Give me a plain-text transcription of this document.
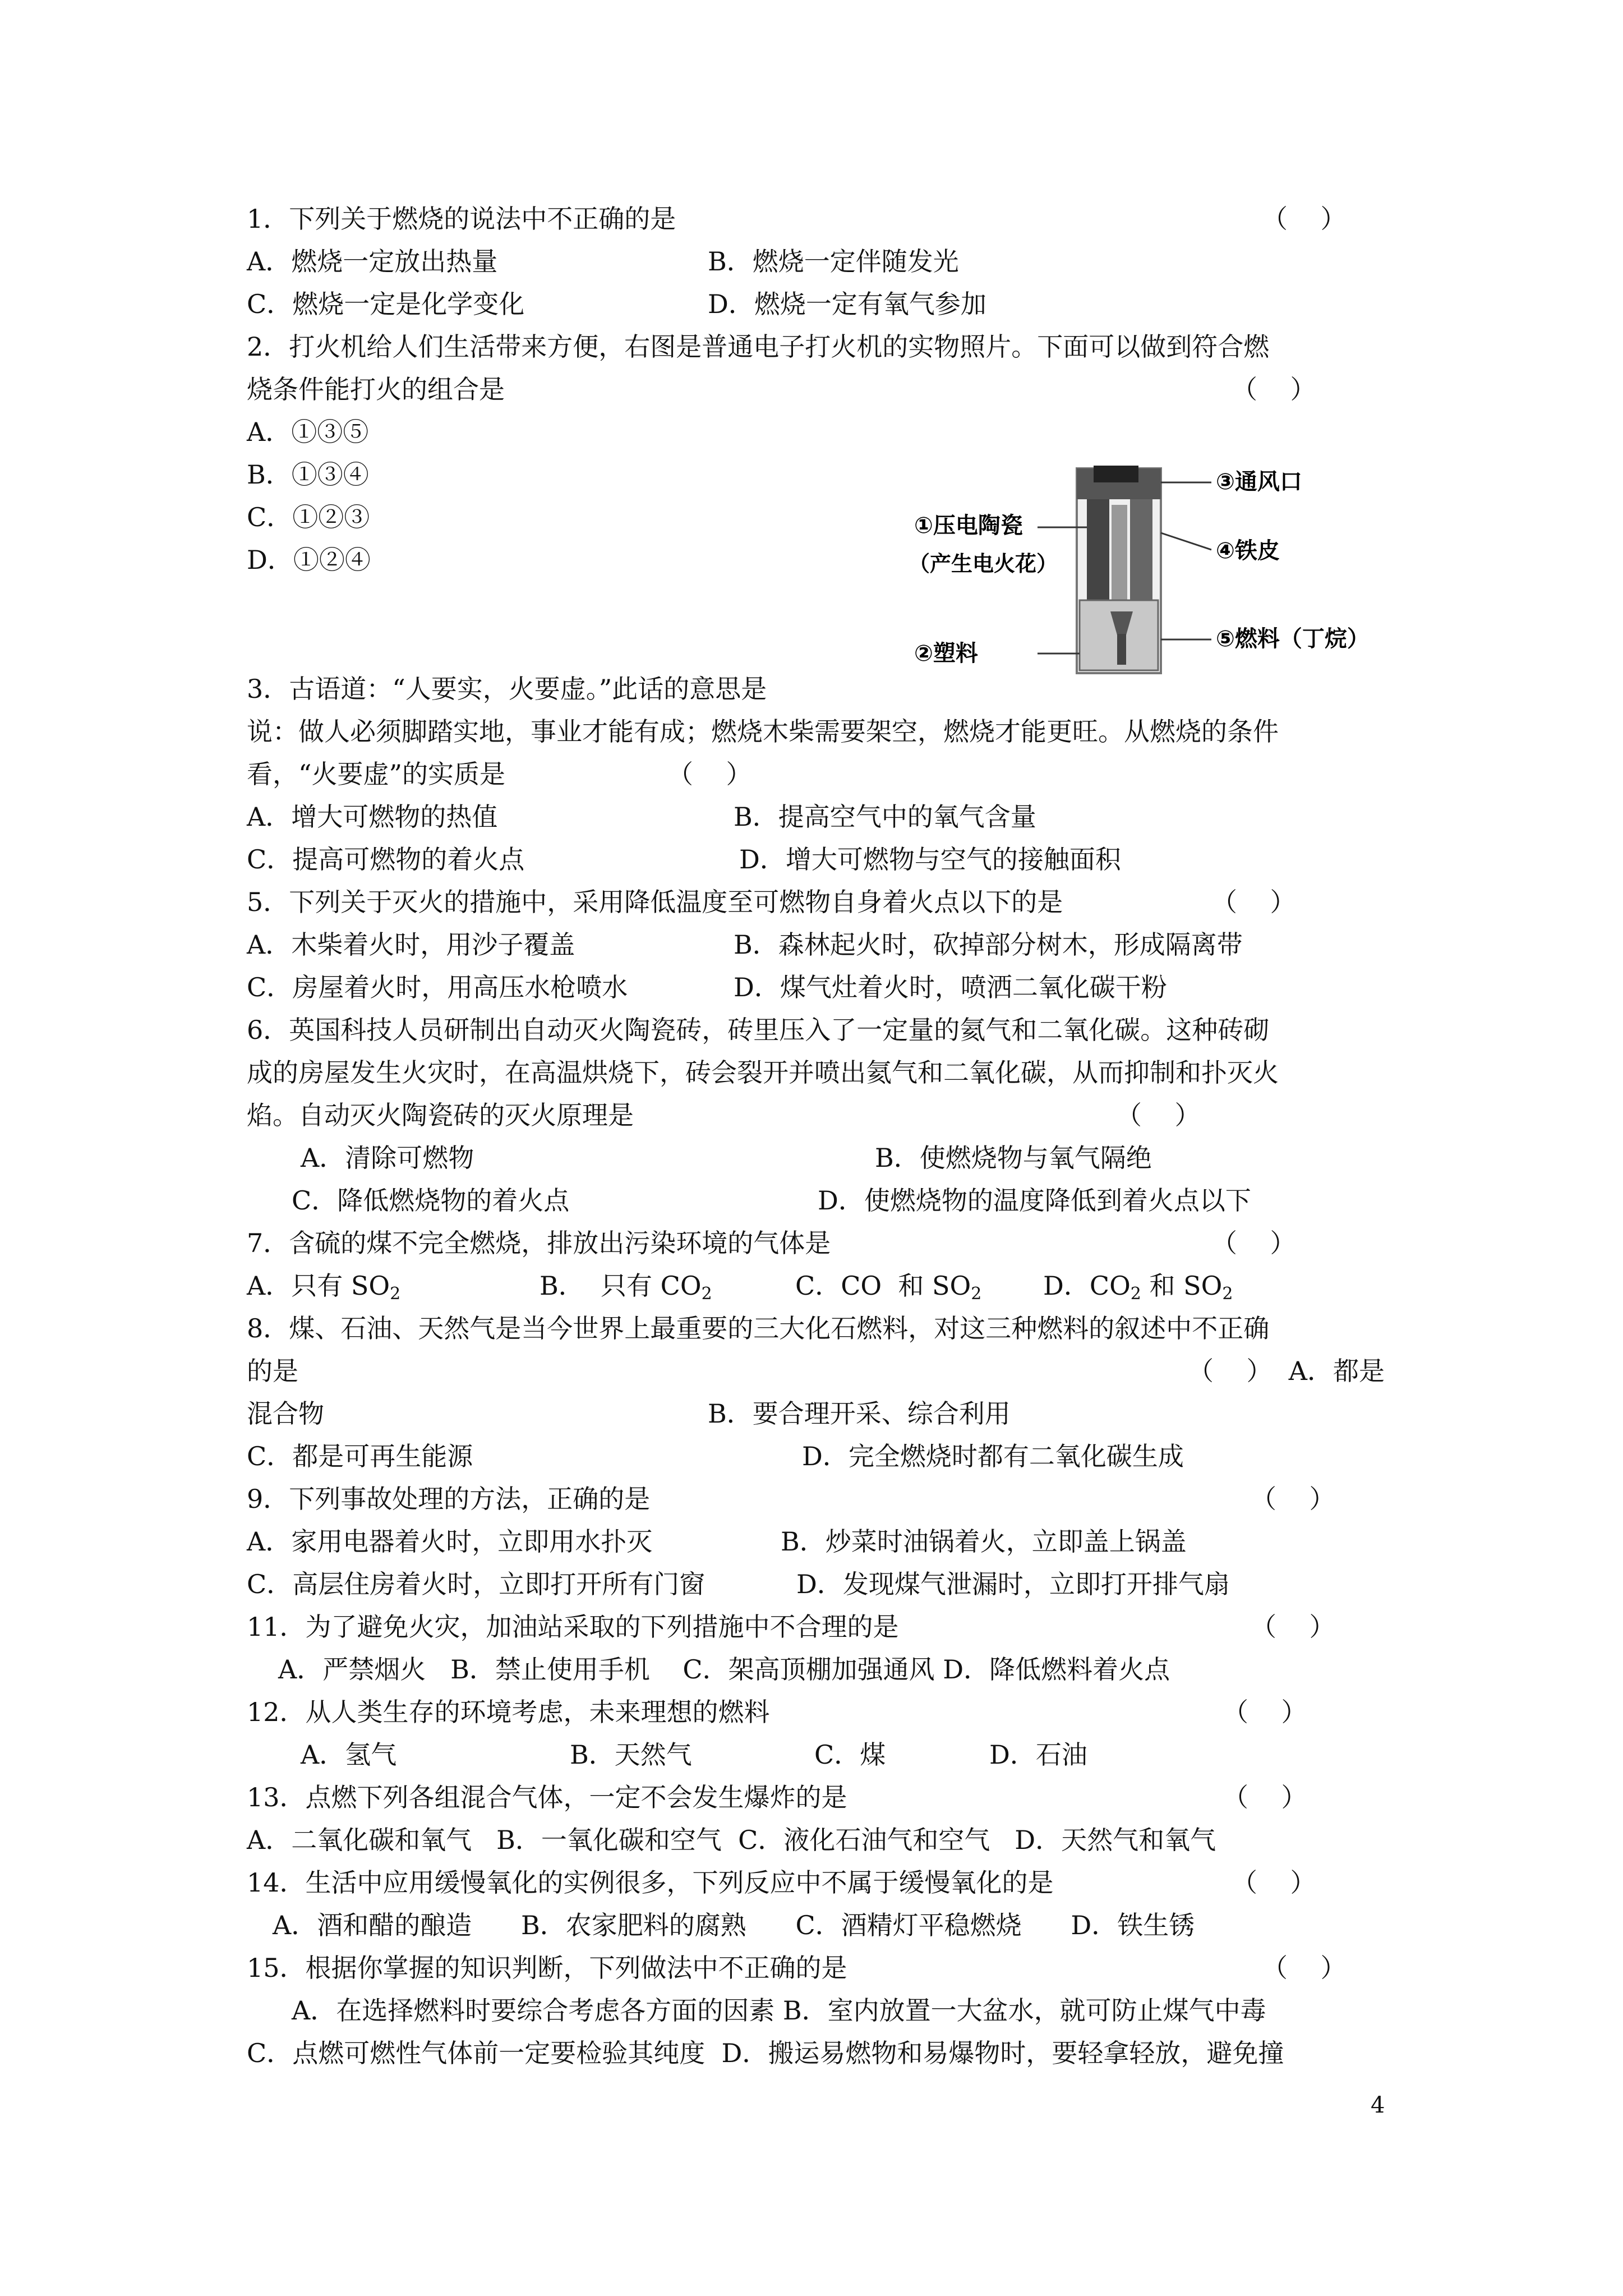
1．下列关于燃烧的说法中不正确的是	（    ）
A．燃烧一定放出热量	B．燃烧一定伴随发光
C．燃烧一定是化学变化	D．燃烧一定有氧气参加
2．打火机给人们生活带来方便，右图是普通电子打火机的实物照片。下面可以做到符合燃
烧条件能打火的组合是	（    ）
A．①③⑤
B．①③④
C．①②③
D．①②④
③通风口
④铁皮
⑤燃料（丁烷）
①压电陶瓷
（产生电火花）
②塑料
3．古语道：“人要实，火要虚。”此话的意思是
说：做人必须脚踏实地，事业才能有成；燃烧木柴需要架空，燃烧才能更旺。从燃烧的条件
看，“火要虚”的实质是	（    ）
A．增大可燃物的热值	B．提高空气中的氧气含量
C．提高可燃物的着火点	D．增大可燃物与空气的接触面积
5．下列关于灭火的措施中，采用降低温度至可燃物自身着火点以下的是	（    ）
A．木柴着火时，用沙子覆盖	B．森林起火时，砍掉部分树木，形成隔离带
C．房屋着火时，用高压水枪喷水	D．煤气灶着火时，喷洒二氧化碳干粉
6．英国科技人员研制出自动灭火陶瓷砖，砖里压入了一定量的氦气和二氧化碳。这种砖砌
成的房屋发生火灾时，在高温烘烧下，砖会裂开并喷出氦气和二氧化碳，从而抑制和扑灭火
焰。自动灭火陶瓷砖的灭火原理是	（    ）
A．清除可燃物	B．使燃烧物与氧气隔绝
C．降低燃烧物的着火点	D．使燃烧物的温度降低到着火点以下
7．含硫的煤不完全燃烧，排放出污染环境的气体是	（    ）
A．只有 $SO_2$	B．  只有 $CO_2$	C．CO  和 $SO_2$ D．$CO_2$ 和 $SO_2$
8．煤、石油、天然气是当今世界上最重要的三大化石燃料，对这三种燃料的叙述中不正确
的是	（    ）  A．都是
混合物	B．要合理开采、综合利用
C．都是可再生能源	D．完全燃烧时都有二氧化碳生成
9．下列事故处理的方法，正确的是	（    ）
A．家用电器着火时，立即用水扑灭	B．炒菜时油锅着火，立即盖上锅盖
C．高层住房着火时，立即打开所有门窗	D．发现煤气泄漏时，立即打开排气扇
11．为了避免火灾，加油站采取的下列措施中不合理的是	（    ）
A．严禁烟火   B．禁止使用手机    C．架高顶棚加强通风 D．降低燃料着火点
12．从人类生存的环境考虑，未来理想的燃料	（    ）
A．氢气	B．天然气	C．煤	D．石油
13．点燃下列各组混合气体，一定不会发生爆炸的是	（    ）
A．二氧化碳和氧气   B．一氧化碳和空气  C．液化石油气和空气   D．天然气和氧气
14．生活中应用缓慢氧化的实例很多，下列反应中不属于缓慢氧化的是	（    ）
A．酒和醋的酿造      B．农家肥料的腐熟      C．酒精灯平稳燃烧      D．铁生锈
15．根据你掌握的知识判断，下列做法中不正确的是	（    ）
A．在选择燃料时要综合考虑各方面的因素 B．室内放置一大盆水，就可防止煤气中毒
C．点燃可燃性气体前一定要检验其纯度  D．搬运易燃物和易爆物时，要轻拿轻放，避免撞
4
